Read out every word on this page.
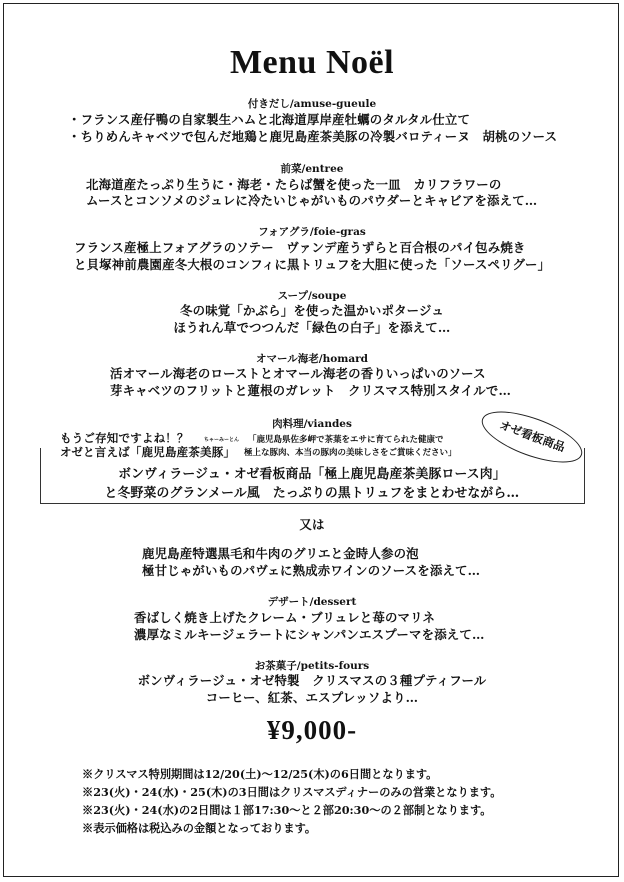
Menu Noël
付きだし/amuse-gueule
・フランス産仔鴨の自家製生ハムと北海道厚岸産牡蠣のタルタル仕立て
・ちりめんキャベツで包んだ地鶏と鹿児島産茶美豚の冷製バロティーヌ　胡桃のソース
前菜/entree
北海道産たっぷり生うに・海老・たらば蟹を使った一皿　カリフラワーの
ムースとコンソメのジュレに冷たいじゃがいものパウダーとキャビアを添えて…
フォアグラ/foie-gras
フランス産極上フォアグラのソテー　ヴァンデ産うずらと百合根のパイ包み焼き
と貝塚神前農園産冬大根のコンフィに黒トリュフを大胆に使った「ソースペリグー」
スープ/soupe
冬の味覚「かぶら」を使った温かいポタージュ
ほうれん草でつつんだ「緑色の白子」を添えて…
オマール海老/homard
活オマール海老のローストとオマール海老の香りいっぱいのソース
芽キャベツのフリットと蓮根のガレット　クリスマス特別スタイルで…
肉料理/viandes
もうご存知ですよね！？	ちゃーみーとん
オゼと言えば「鹿児島産茶美豚」
「鹿児島県佐多岬で茶葉をエサに育てられた健康で
極上な豚肉、本当の豚肉の美味しさをご賞味ください」	オゼ看板商品
ボンヴィラージュ・オゼ看板商品「極上鹿児島産茶美豚ロース肉」
と冬野菜のグランメール風　たっぷりの黒トリュフをまとわせながら…
又は
鹿児島産特選黒毛和牛肉のグリエと金時人参の泡
極甘じゃがいものパヴェに熟成赤ワインのソースを添えて…
デザート/dessert
香ばしく焼き上げたクレーム・ブリュレと苺のマリネ
濃厚なミルキージェラートにシャンパンエスプーマを添えて…
お茶菓子/petits-fours
ボンヴィラージュ・オゼ特製　クリスマスの３種プティフール
コーヒー、紅茶、エスプレッソより…
¥9,000-
※クリスマス特別期間は12/20(土)～12/25(木)の6日間となります。
※23(火)・24(水)・25(木)の3日間はクリスマスディナーのみの営業となります。
※23(火)・24(水)の2日間は１部17:30～と２部20:30～の２部制となります。
※表示価格は税込みの金額となっております。
